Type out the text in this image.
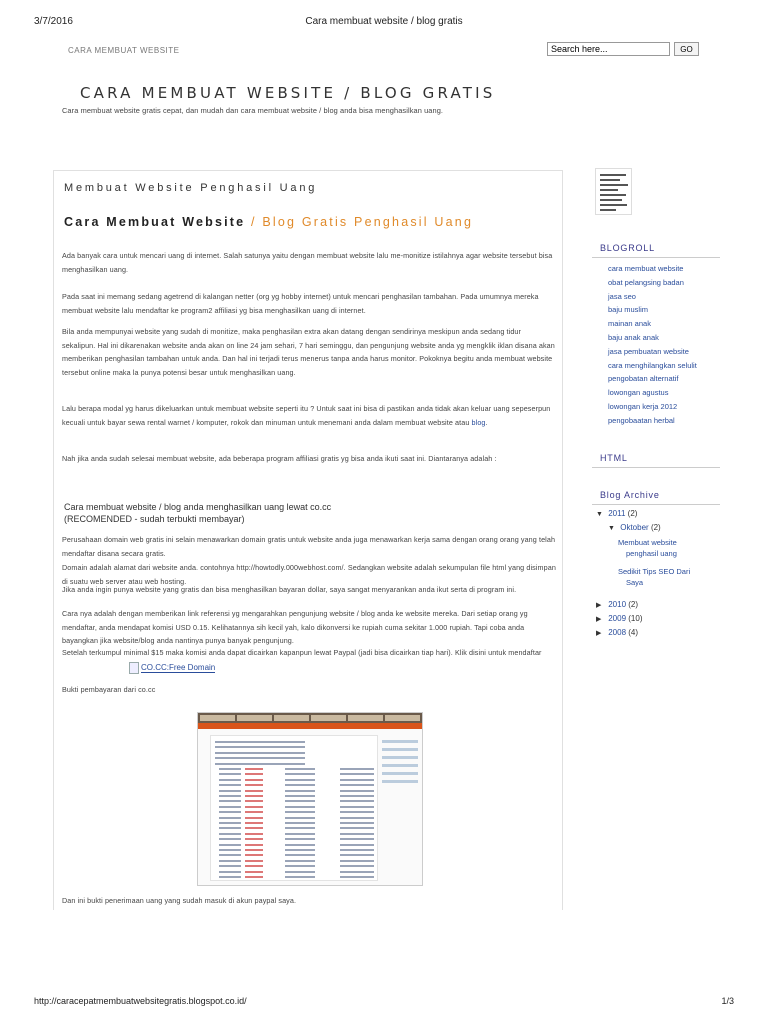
3/7/2016	Cara membuat website / blog gratis
CARA MEMBUAT WEBSITE
Search here...	GO
CARA MEMBUAT WEBSITE / BLOG GRATIS
Cara membuat website gratis cepat, dan mudah dan cara membuat website / blog anda bisa menghasilkan uang.
Membuat Website Penghasil Uang
Cara Membuat Website / Blog Gratis Penghasil Uang

Ada banyak cara untuk mencari uang di internet. Salah satunya yaitu dengan membuat website lalu me-monitize istilahnya agar website tersebut bisa menghasilkan uang.

Pada saat ini memang sedang agetrend di kalangan netter (org yg hobby internet) untuk mencari penghasilan tambahan. Pada umumnya mereka membuat website lalu mendaftar ke program2 affiliasi yg bisa menghasilkan uang di internet.

Bila anda mempunyai website yang sudah di monitize, maka penghasilan extra akan datang dengan sendirinya meskipun anda sedang tidur sekalipun. Hal ini dikarenakan website anda akan on line 24 jam sehari, 7 hari seminggu, dan pengunjung website anda yg mengklik iklan disana akan memberikan penghasilan tambahan untuk anda. Dan hal ini terjadi terus menerus tanpa anda harus monitor. Pokoknya begitu anda membuat website tersebut online maka la punya potensi besar untuk menghasilkan uang.

Lalu berapa modal yg harus dikeluarkan untuk membuat website seperti itu ? Untuk saat ini bisa di pastikan anda tidak akan keluar uang sepeserpun kecuali untuk bayar sewa rental warnet / komputer, rokok dan minuman untuk menemani anda dalam membuat website atau blog.

Nah jika anda sudah selesai membuat website, ada beberapa program affiliasi gratis yg bisa anda ikuti saat ini. Diantaranya adalah :

Cara membuat website / blog anda menghasilkan uang lewat co.cc
(RECOMENDED - sudah terbukti membayar)

Perusahaan domain web gratis ini selain menawarkan domain gratis untuk website anda juga menawarkan kerja sama dengan orang orang yang telah mendaftar disana secara gratis.

Domain adalah alamat dari website anda. contohnya http://howtodly.000webhost.com/. Sedangkan website adalah sekumpulan file html yang disimpan di suatu web server atau web hosting.

Jika anda ingin punya website yang gratis dan bisa menghasilkan bayaran dollar, saya sangat menyarankan anda ikut serta di program ini.

Cara nya adalah dengan memberikan link referensi yg mengarahkan pengunjung website / blog anda ke website mereka. Dari setiap orang yg mendaftar, anda mendapat komisi USD 0.15. Kelihatannya sih kecil yah, kalo dikonversi ke rupiah cuma sekitar 1.000 rupiah. Tapi coba anda bayangkan jika website/blog anda nantinya punya banyak pengunjung.

Setelah terkumpul minimal $15 maka komisi anda dapat dicairkan kapanpun lewat Paypal (jadi bisa dicairkan tiap hari). Klik disini untuk mendaftar

CO.CC:Free Domain

Bukti pembayaran dari co.cc

Dan ini bukti penerimaan uang yang sudah masuk di akun paypal saya.

BLOGROLL
cara membuat website
obat pelangsing badan
jasa seo
baju muslim
mainan anak
baju anak anak
jasa pembuatan website
cara menghilangkan selulit
pengobatan alternatif
lowongan agustus
lowongan kerja 2012
pengobaatan herbal
HTML
Blog Archive
▼ 2011 (2)
▼ Oktober (2)
Membuat website
penghasil uang
Sedikit Tips SEO Dari
Saya
▶ 2010 (2)
▶ 2009 (10)
▶ 2008 (4)
http://caracepatmembuatwebsitegratis.blogspot.co.id/	1/3
